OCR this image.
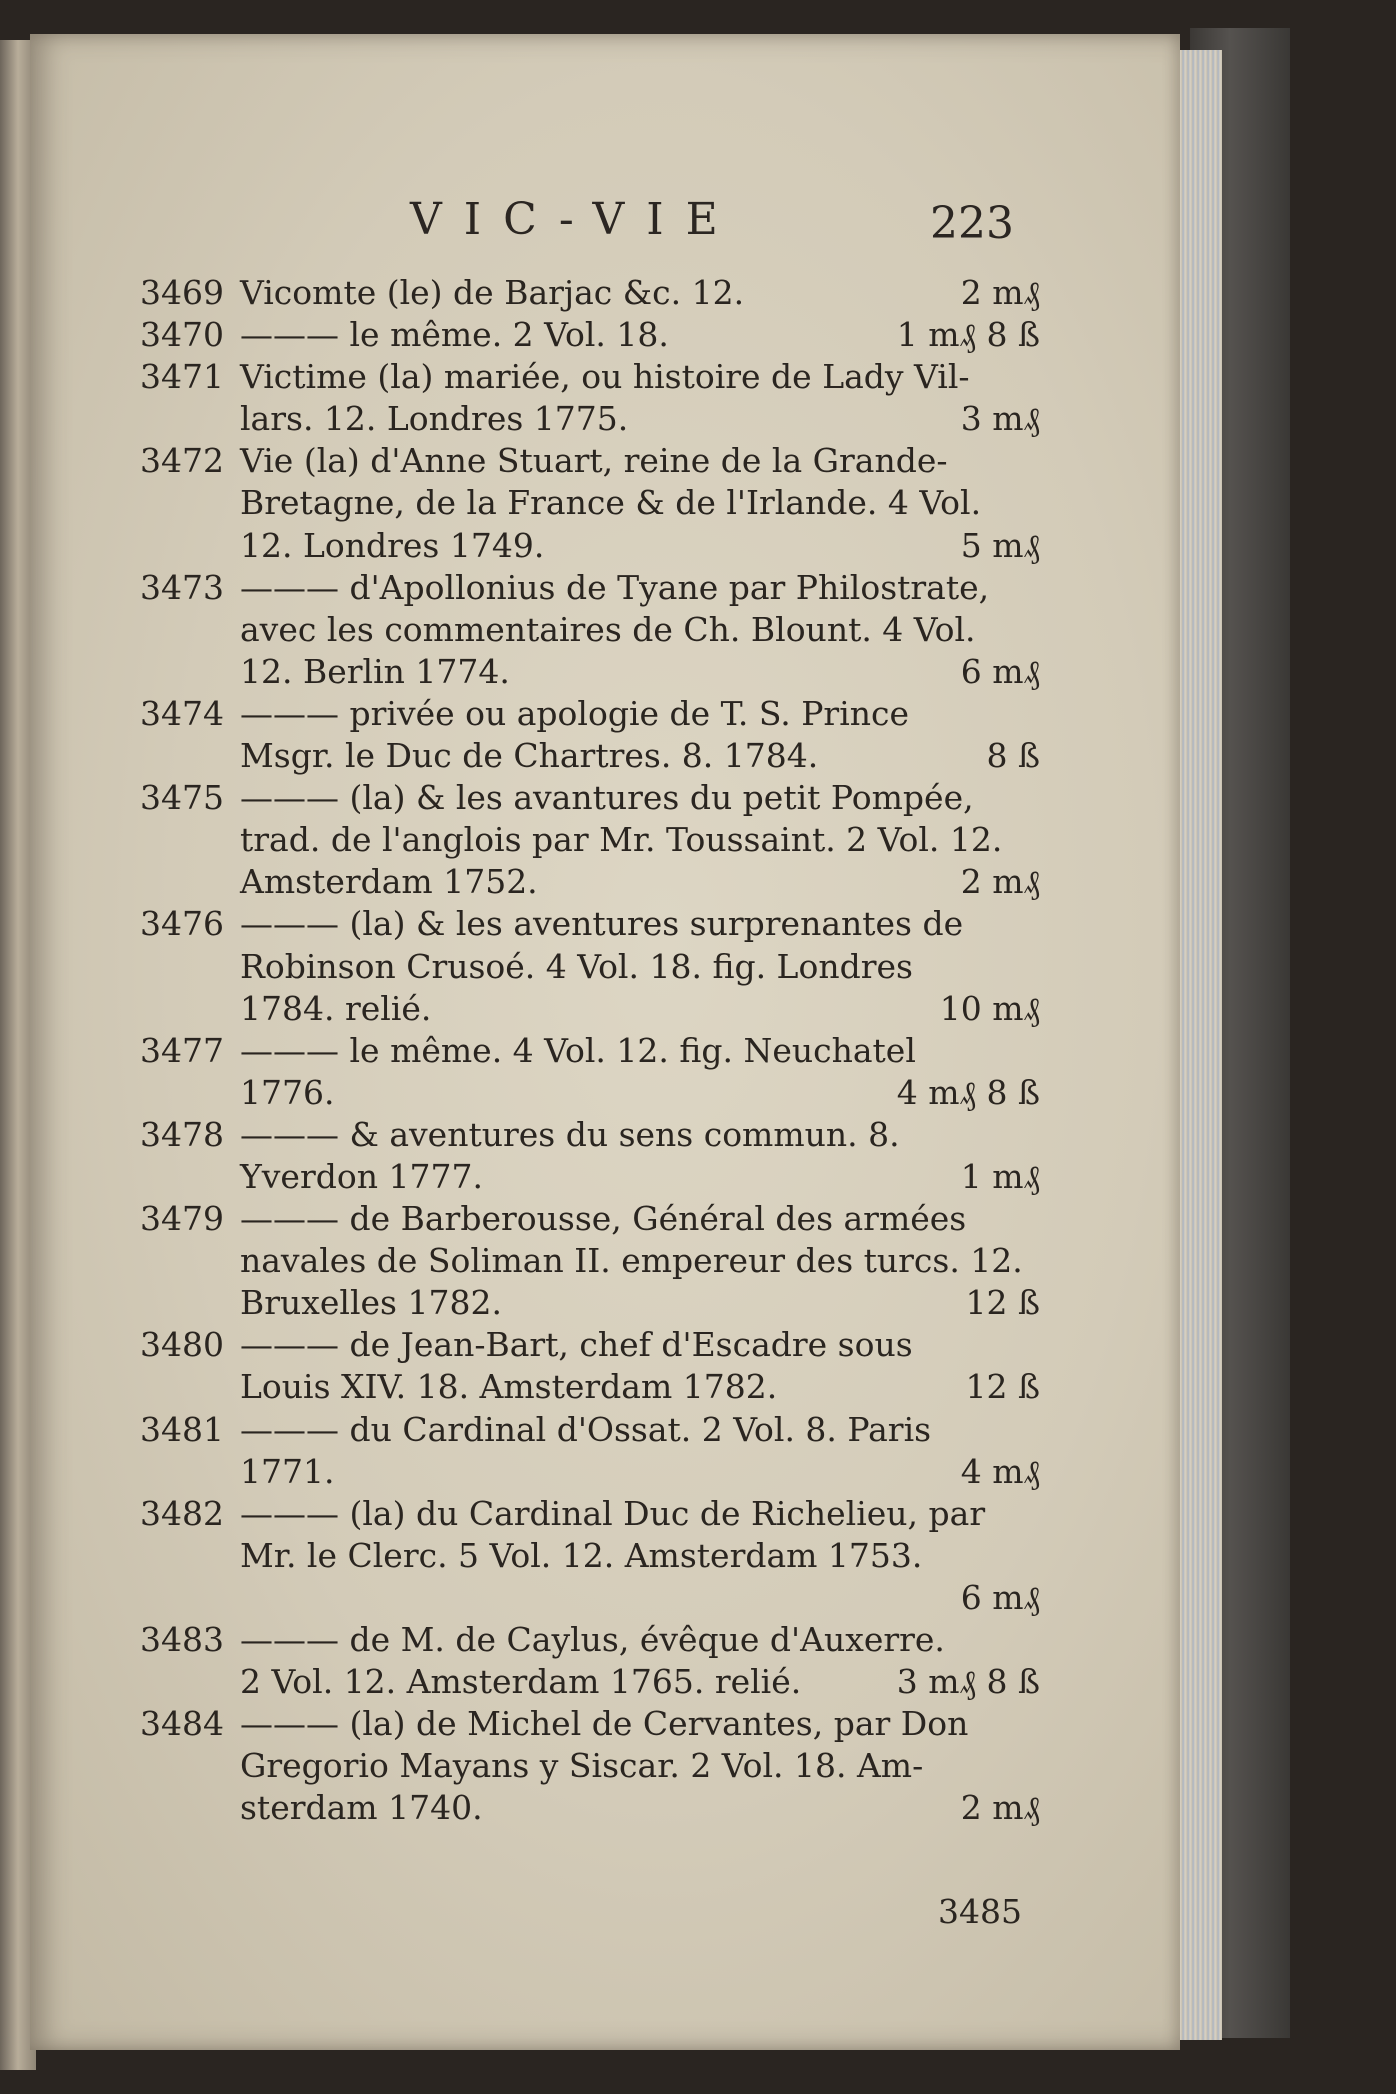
VIC-VIE	223
3469 Vicomte (le) de Barjac &c. 12.	2 m₰
3470 ——— le même. 2 Vol. 18.	1 m₰ 8 ß
3471 Victime (la) mariée, ou histoire de Lady Vil-
lars. 12. Londres 1775.	3 m₰
3472 Vie (la) d'Anne Stuart, reine de la Grande-
Bretagne, de la France & de l'Irlande. 4 Vol.
12. Londres 1749.	5 m₰
3473 ——— d'Apollonius de Tyane par Philostrate,
avec les commentaires de Ch. Blount. 4 Vol.
12. Berlin 1774.	6 m₰
3474 ——— privée ou apologie de T. S. Prince
Msgr. le Duc de Chartres. 8. 1784.	8 ß
3475 ——— (la) & les avantures du petit Pompée,
trad. de l'anglois par Mr. Toussaint. 2 Vol. 12.
Amsterdam 1752.	2 m₰
3476 ——— (la) & les aventures surprenantes de
Robinson Crusoé. 4 Vol. 18. fig. Londres
1784. relié.	10 m₰
3477 ——— le même. 4 Vol. 12. fig. Neuchatel
1776.	4 m₰ 8 ß
3478 ——— & aventures du sens commun. 8.
Yverdon 1777.	1 m₰
3479 ——— de Barberousse, Général des armées
navales de Soliman II. empereur des turcs. 12.
Bruxelles 1782.	12 ß
3480 ——— de Jean-Bart, chef d'Escadre sous
Louis XIV. 18. Amsterdam 1782.	12 ß
3481 ——— du Cardinal d'Ossat. 2 Vol. 8. Paris
1771.	4 m₰
3482 ——— (la) du Cardinal Duc de Richelieu, par
Mr. le Clerc. 5 Vol. 12. Amsterdam 1753.
6 m₰
3483 ——— de M. de Caylus, évêque d'Auxerre.
2 Vol. 12. Amsterdam 1765. relié.	3 m₰ 8 ß
3484 ——— (la) de Michel de Cervantes, par Don
Gregorio Mayans y Siscar. 2 Vol. 18. Am-
sterdam 1740.	2 m₰
3485
